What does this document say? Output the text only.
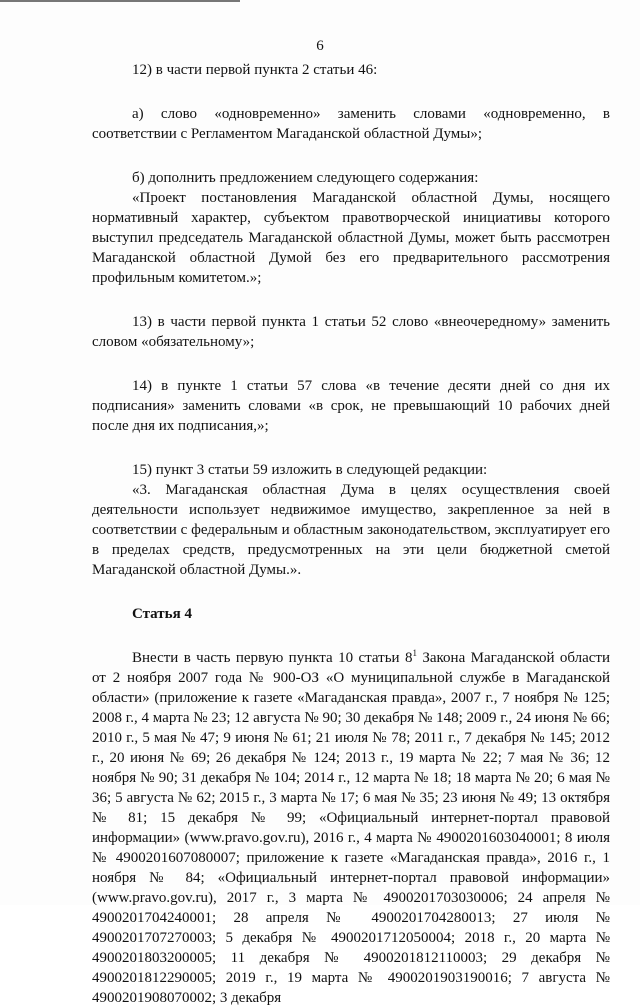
6

12) в части первой пункта 2 статьи 46:

а) слово «одновременно» заменить словами «одновременно, в соответствии с Регламентом Магаданской областной Думы»;

б) дополнить предложением следующего содержания:

«Проект постановления Магаданской областной Думы, носящего нормативный характер, субъектом правотворческой инициативы которого выступил председатель Магаданской областной Думы, может быть рассмотрен Магаданской областной Думой без его предварительного рассмотрения профильным комитетом.»;

13) в части первой пункта 1 статьи 52 слово «внеочередному» заменить словом «обязательному»;

14) в пункте 1 статьи 57 слова «в течение десяти дней со дня их подписания» заменить словами «в срок, не превышающий 10 рабочих дней после дня их подписания,»;

15) пункт 3 статьи 59 изложить в следующей редакции:

«3. Магаданская областная Дума в целях осуществления своей деятельности использует недвижимое имущество, закрепленное за ней в соответствии с федеральным и областным законодательством, эксплуатирует его в пределах средств, предусмотренных на эти цели бюджетной сметой Магаданской областной Думы.».

Статья 4

Внести в часть первую пункта 10 статьи $8^1$ Закона Магаданской области от 2 ноября 2007 года № 900-ОЗ «О муниципальной службе в Магаданской области» (приложение к газете «Магаданская правда», 2007 г., 7 ноября № 125; 2008 г., 4 марта № 23; 12 августа № 90; 30 декабря № 148; 2009 г., 24 июня № 66; 2010 г., 5 мая № 47; 9 июня № 61; 21 июля № 78; 2011 г., 7 декабря № 145; 2012 г., 20 июня № 69; 26 декабря № 124; 2013 г., 19 марта № 22; 7 мая № 36; 12 ноября № 90; 31 декабря № 104; 2014 г., 12 марта № 18; 18 марта № 20; 6 мая № 36; 5 августа № 62; 2015 г., 3 марта № 17; 6 мая № 35; 23 июня № 49; 13 октября № 81; 15 декабря № 99; «Официальный интернет-портал правовой информации» (www.pravo.gov.ru), 2016 г., 4 марта № 4900201603040001; 8 июля № 4900201607080007; приложение к газете «Магаданская правда», 2016 г., 1 ноября № 84; «Официальный интернет-портал правовой информации» (www.pravo.gov.ru), 2017 г., 3 марта № 4900201703030006; 24 апреля № 4900201704240001; 28 апреля № 4900201704280013; 27 июля № 4900201707270003; 5 декабря № 4900201712050004; 2018 г., 20 марта № 4900201803200005; 11 декабря № 4900201812110003; 29 декабря № 4900201812290005; 2019 г., 19 марта № 4900201903190016; 7 августа № 4900201908070002; 3 декабря
